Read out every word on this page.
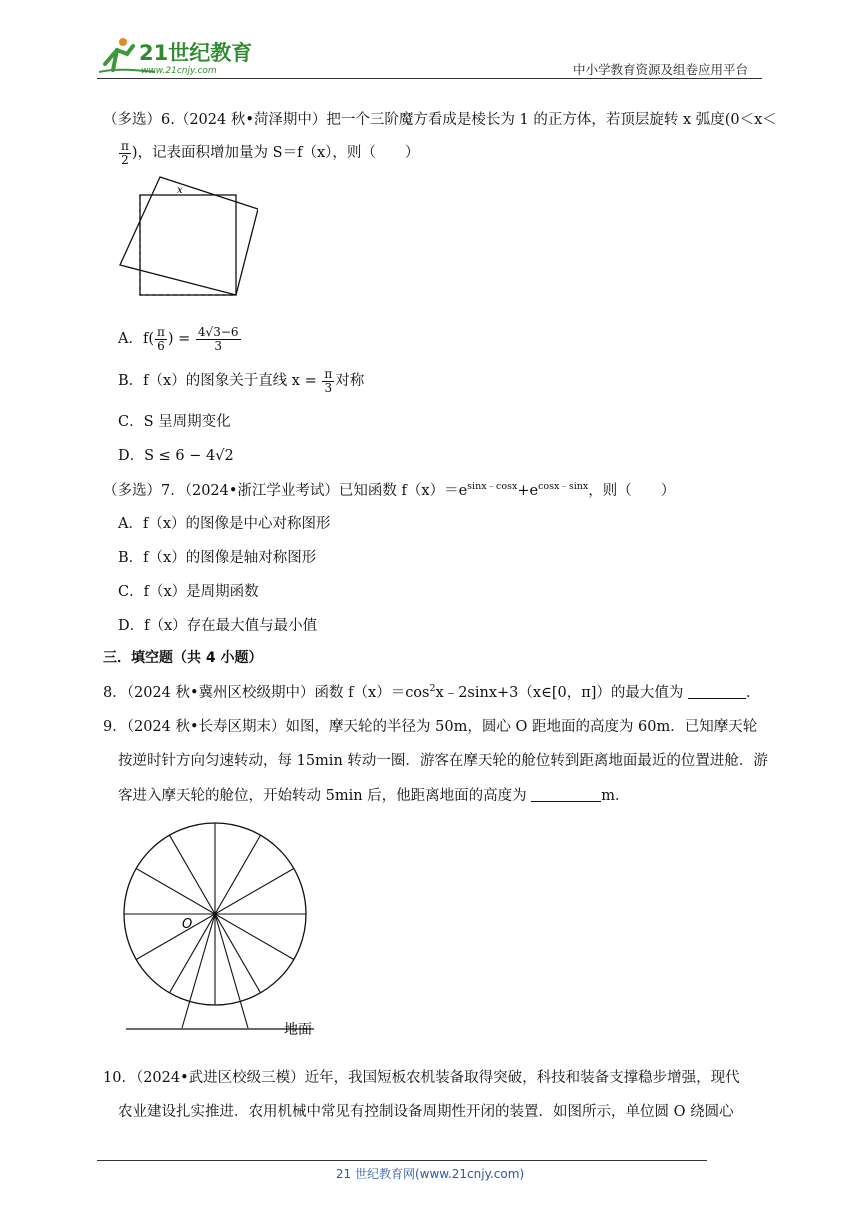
21世纪教育
www.21cnjy.com	中小学教育资源及组卷应用平台
（多选）6.（2024 秋•菏泽期中）把一个三阶魔方看成是棱长为 1 的正方体，若顶层旋转 x 弧度(0＜x＜
$\frac{\pi}{2}$ )，记表面积增加量为 S＝f（x），则（　　）
x
A．$f( \frac{\pi}{6}$ ) = $\frac{4√3-6}{3}$
B．f（x）的图象关于直线 $x = \frac{\pi}{3}$ 对称
C．S 呈周期变化
D．S ≤ 6 − 4√2
（多选）7．（2024•浙江学业考试）已知函数 $f(x)=e^{sinx﹣cosx}+e^{cosx﹣sinx}$，则（　　）
A．f（x）的图像是中心对称图形
B．f（x）的图像是轴对称图形
C．f（x）是周期函数
D．f（x）存在最大值与最小值
三．填空题（共 4 小题）
8．（2024 秋•冀州区校级期中）函数 $f(x)=\cos^2x﹣2\sin x+3(x\in[0$，π]）的最大值为	．
9．（2024 秋•长寿区期末）如图，摩天轮的半径为 50m，圆心 O 距地面的高度为 60m．已知摩天轮
按逆时针方向匀速转动，每 15min 转动一圈．游客在摩天轮的舱位转到距离地面最近的位置进舱．游
客进入摩天轮的舱位，开始转动 5min 后，他距离地面的高度为	m．
O
地面
10．（2024•武进区校级三模）近年，我国短板农机装备取得突破，科技和装备支撑稳步增强，现代
农业建设扎实推进．农用机械中常见有控制设备周期性开闭的装置．如图所示，单位圆 O 绕圆心
21 世纪教育网(www.21cnjy.com)
